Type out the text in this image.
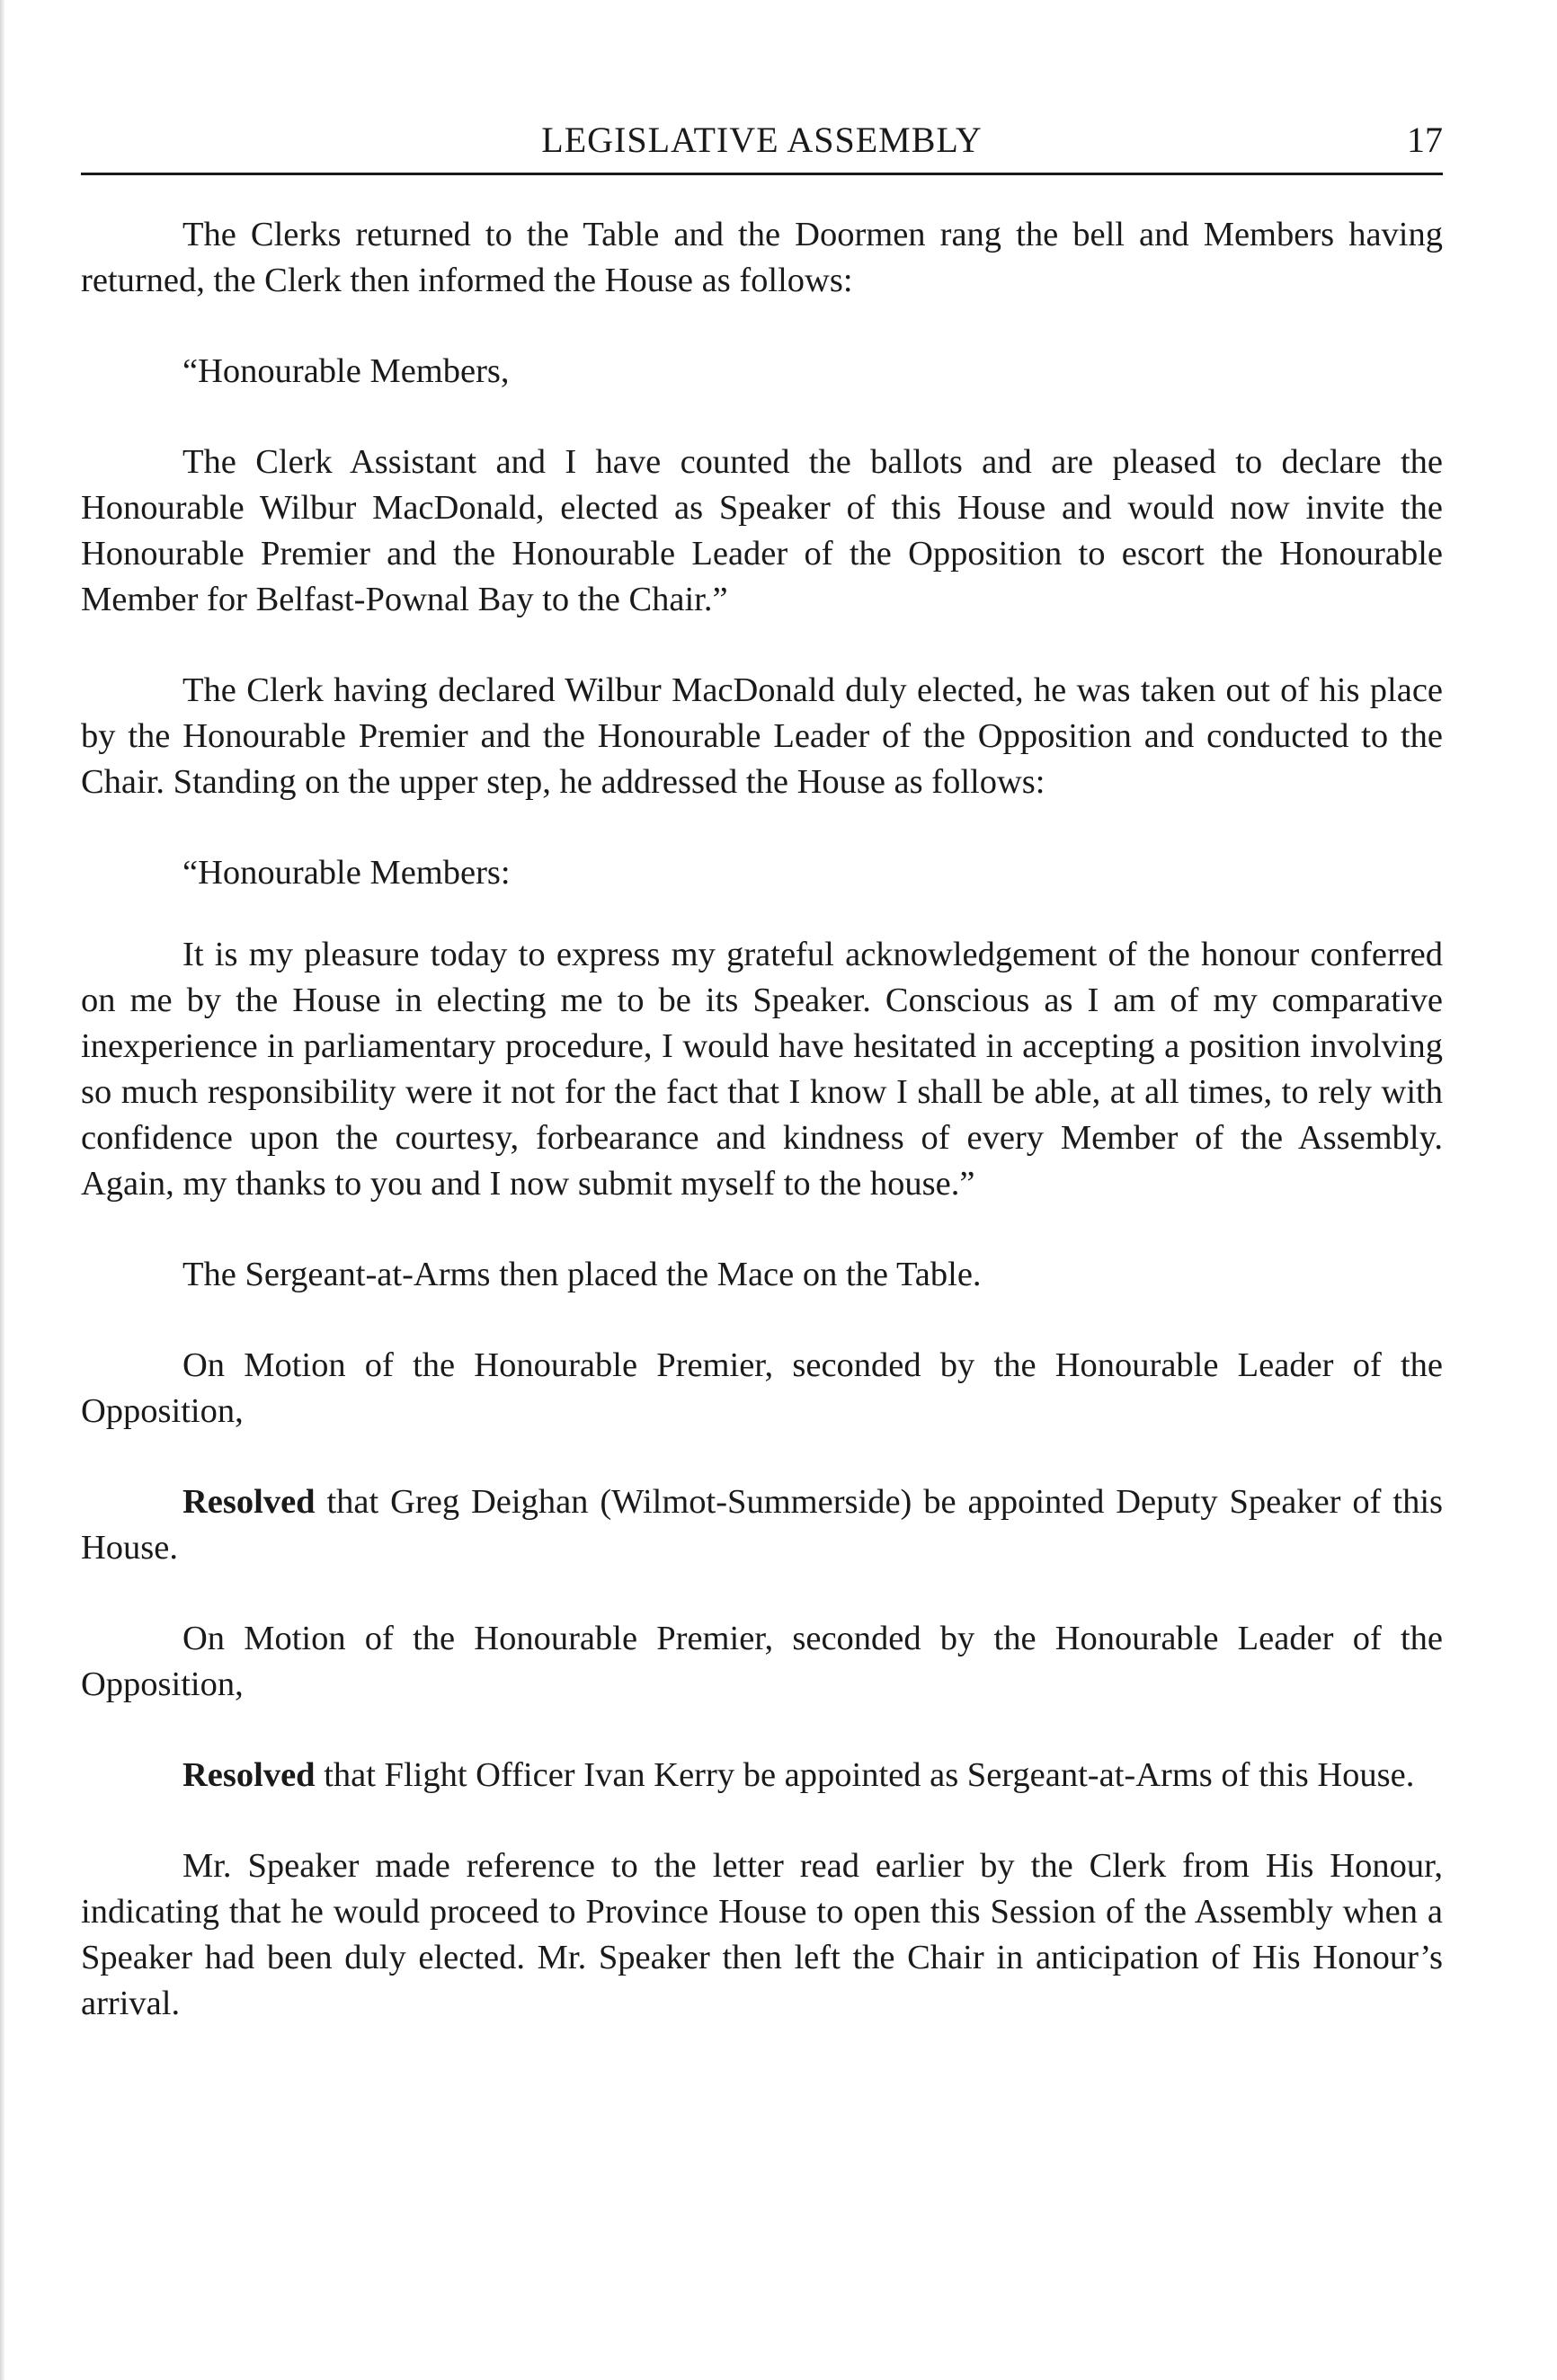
LEGISLATIVE ASSEMBLY	17

The Clerks returned to the Table and the Doormen rang the bell and Members having returned, the Clerk then informed the House as follows:

“Honourable Members,

The Clerk Assistant and I have counted the ballots and are pleased to declare the Honourable Wilbur MacDonald, elected as Speaker of this House and would now invite the Honourable Premier and the Honourable Leader of the Opposition to escort the Honourable Member for Belfast-Pownal Bay to the Chair.”

The Clerk having declared Wilbur MacDonald duly elected, he was taken out of his place by the Honourable Premier and the Honourable Leader of the Opposition and conducted to the Chair. Standing on the upper step, he addressed the House as follows:

“Honourable Members:

It is my pleasure today to express my grateful acknowledgement of the honour conferred on me by the House in electing me to be its Speaker. Conscious as I am of my comparative inexperience in parliamentary procedure, I would have hesitated in accepting a position involving so much responsibility were it not for the fact that I know I shall be able, at all times, to rely with confidence upon the courtesy, forbearance and kindness of every Member of the Assembly. Again, my thanks to you and I now submit myself to the house.”

The Sergeant-at-Arms then placed the Mace on the Table.

On Motion of the Honourable Premier, seconded by the Honourable Leader of the Opposition,

Resolved that Greg Deighan (Wilmot-Summerside) be appointed Deputy Speaker of this House.

On Motion of the Honourable Premier, seconded by the Honourable Leader of the Opposition,

Resolved that Flight Officer Ivan Kerry be appointed as Sergeant-at-Arms of this House.

Mr. Speaker made reference to the letter read earlier by the Clerk from His Honour, indicating that he would proceed to Province House to open this Session of the Assembly when a Speaker had been duly elected. Mr. Speaker then left the Chair in anticipation of His Honour’s arrival.
